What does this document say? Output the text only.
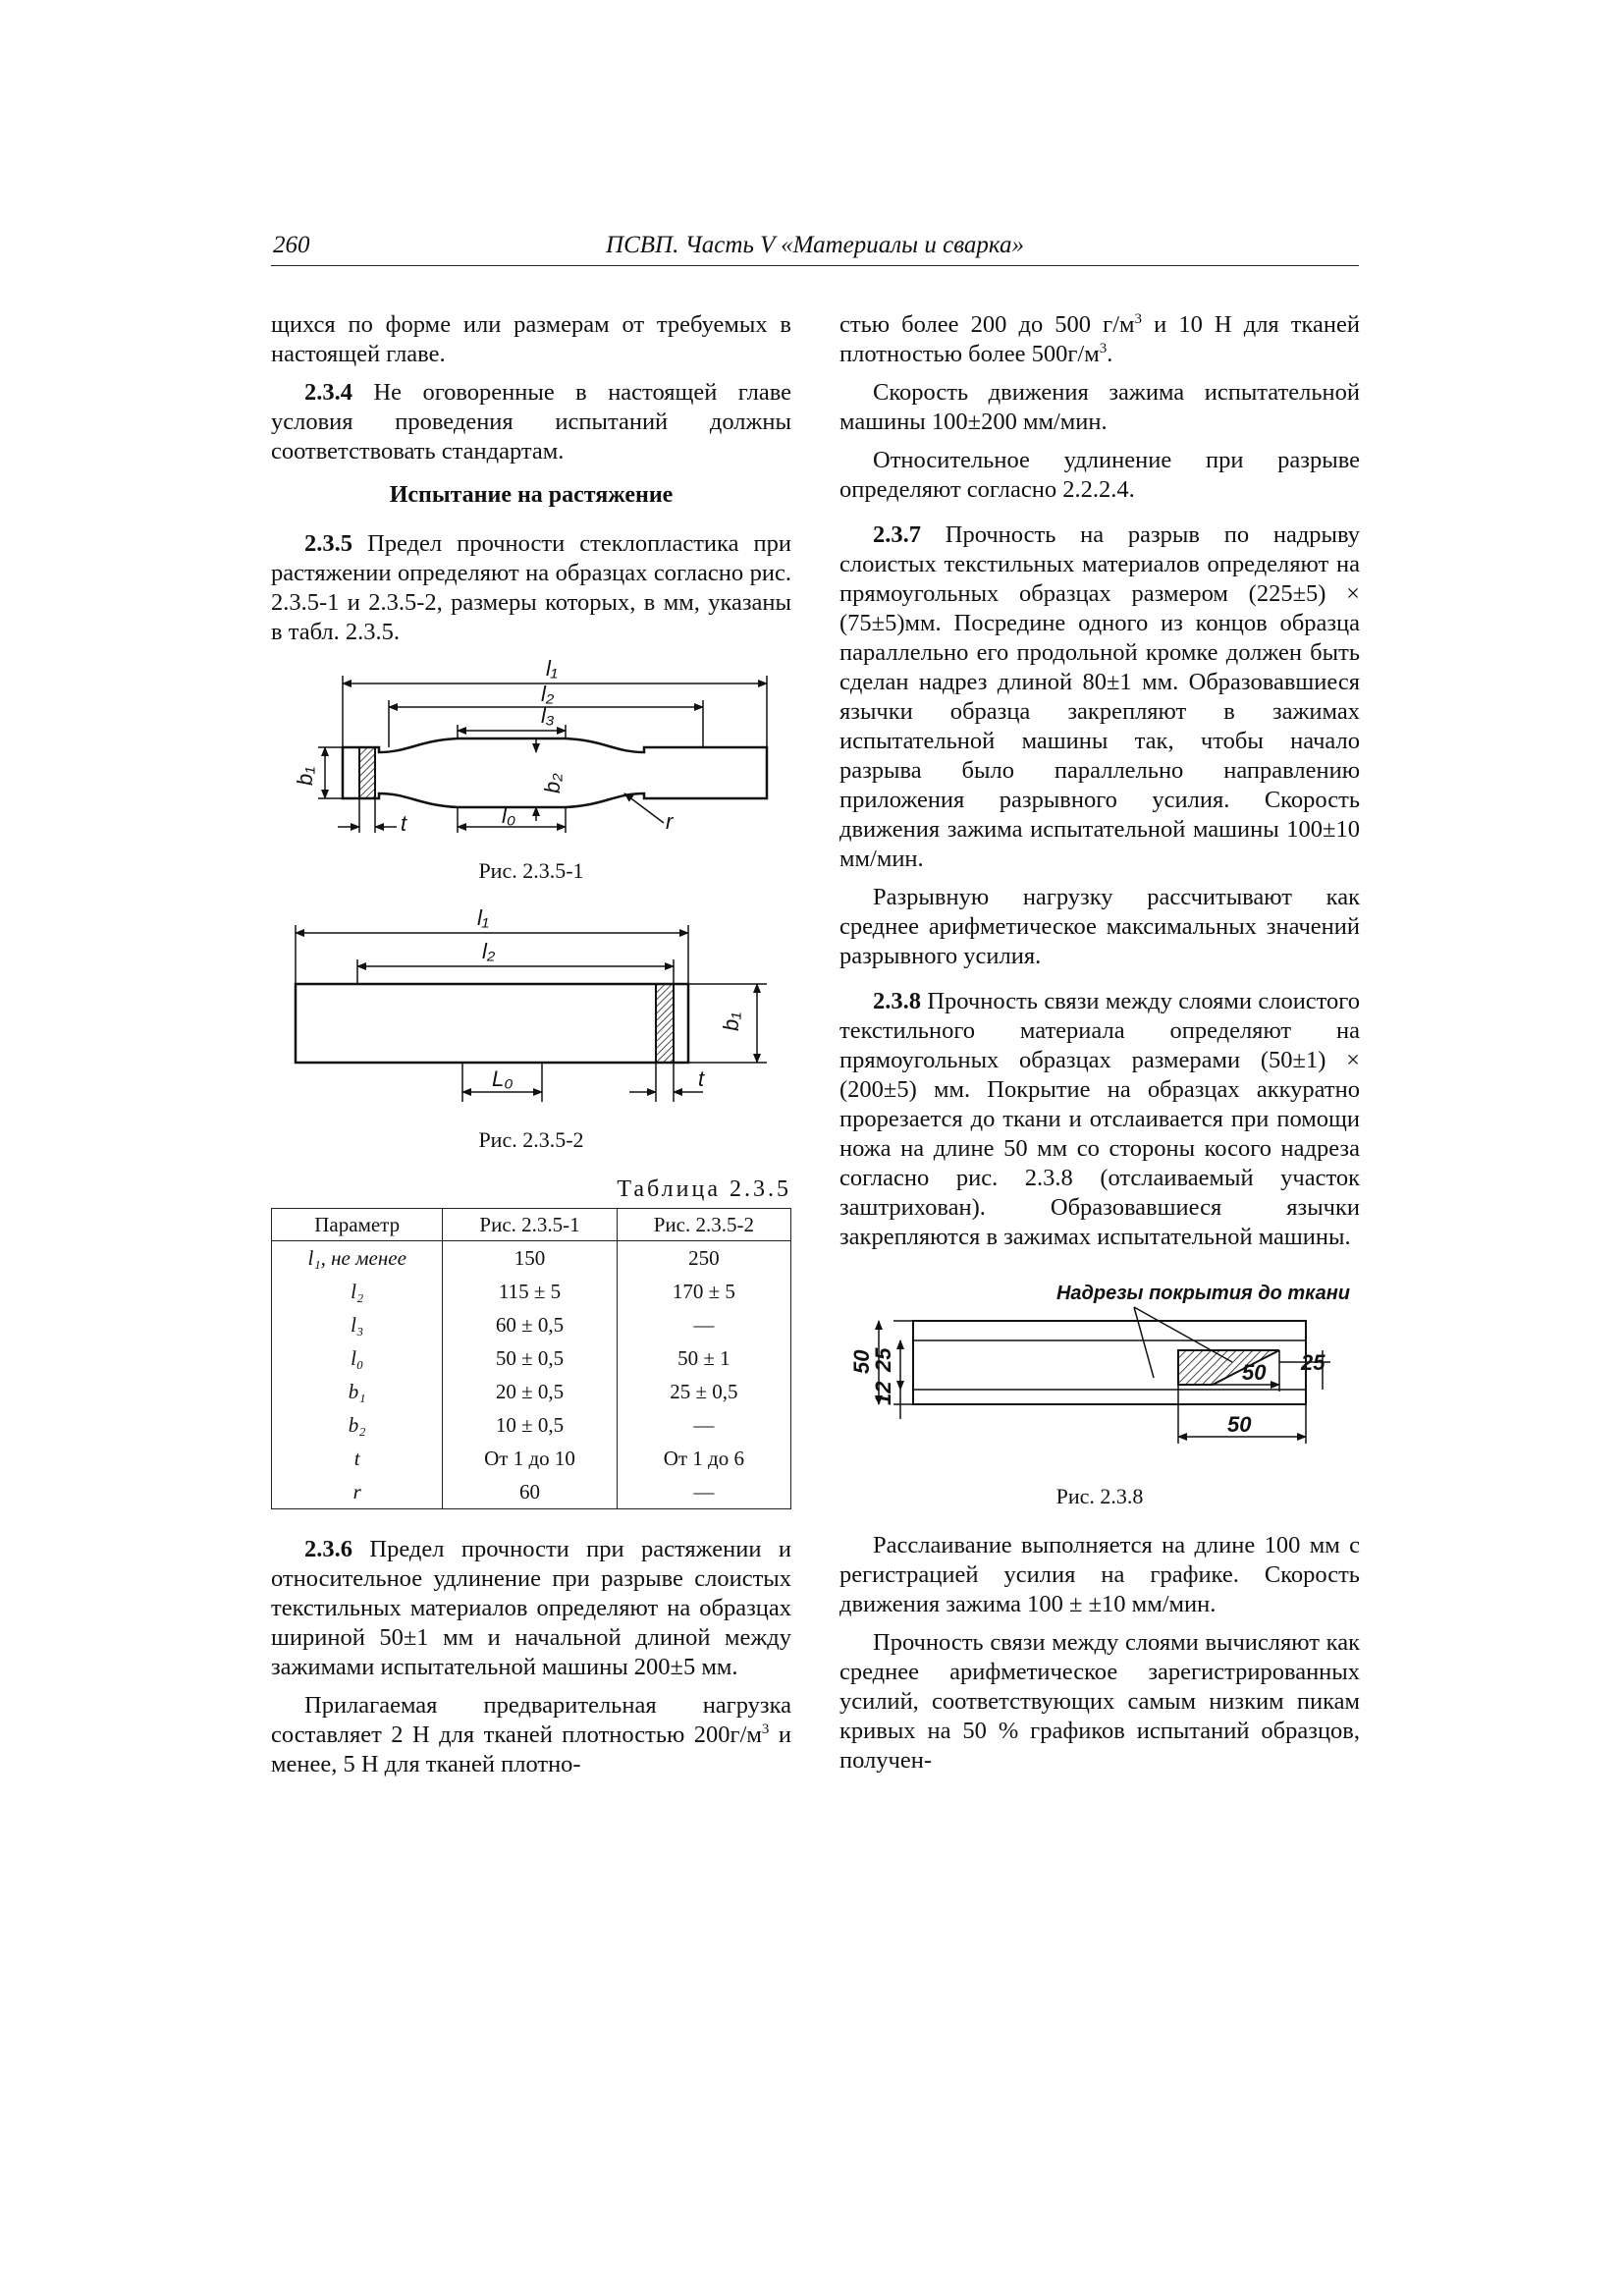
260	ПСВП. Часть V «Материалы и сварка»

щихся по форме или размерам от требуемых в настоящей главе.

2.3.4 Не оговоренные в настоящей главе условия проведения испытаний должны соответствовать стандартам.

Испытание на растяжение

2.3.5 Предел прочности стеклопластика при растяжении определяют на образцах согласно рис. 2.3.5-1 и 2.3.5-2, размеры которых, в мм, указаны в табл. 2.3.5.

l₁
l₂
l₃
b₁	b₂
l₀
t	r
Рис. 2.3.5-1
l₁
l₂
b₁
L₀	t
Рис. 2.3.5-2
Таблица 2.3.5
Параметр	Рис. 2.3.5-1	Рис. 2.3.5-2
l₁, не менее	150	250
l₂	115 ± 5	170 ± 5
l₃	60 ± 0,5	—
l₀	50 ± 0,5	50 ± 1
b₁	20 ± 0,5	25 ± 0,5
b₂	10 ± 0,5	—
t	От 1 до 10	От 1 до 6
r	60	—

2.3.6 Предел прочности при растяжении и относительное удлинение при разрыве слоистых текстильных материалов определяют на образцах шириной 50±1 мм и начальной длиной между зажимами испытательной машины 200±5 мм.

Прилагаемая предварительная нагрузка составляет 2 Н для тканей плотностью $200г/м^3$ и менее, 5 Н для тканей плотно-

стью более 200 до 500 $г/м^3$ и 10 Н для тканей плотностью более $500г/м^3$.

Скорость движения зажима испытательной машины 100±200 мм/мин.

Относительное удлинение при разрыве определяют согласно 2.2.2.4.

2.3.7 Прочность на разрыв по надрыву слоистых текстильных материалов определяют на прямоугольных образцах размером (225±5) × (75±5)мм. Посредине одного из концов образца параллельно его продольной кромке должен быть сделан надрез длиной 80±1 мм. Образовавшиеся язычки образца закрепляют в зажимах испытательной машины так, чтобы начало разрыва было параллельно направлению приложения разрывного усилия. Скорость движения зажима испытательной машины 100±10 мм/мин.

Разрывную нагрузку рассчитывают как среднее арифметическое максимальных значений разрывного усилия.

2.3.8 Прочность связи между слоями слоистого текстильного материала определяют на прямоугольных образцах размерами (50±1) × (200±5) мм. Покрытие на образцах аккуратно прорезается до ткани и отслаивается при помощи ножа на длине 50 мм со стороны косого надреза согласно рис. 2.3.8 (отслаиваемый участок заштрихован). Образовавшиеся язычки закрепляются в зажимах испытательной машины.

Надрезы покрытия до ткани
50
25
12
25
50
50
Рис. 2.3.8

Расслаивание выполняется на длине 100 мм с регистрацией усилия на графике. Скорость движения зажима 100 ± ±10 мм/мин.

Прочность связи между слоями вычисляют как среднее арифметическое зарегистрированных усилий, соответствующих самым низким пикам кривых на 50 % графиков испытаний образцов, получен-
